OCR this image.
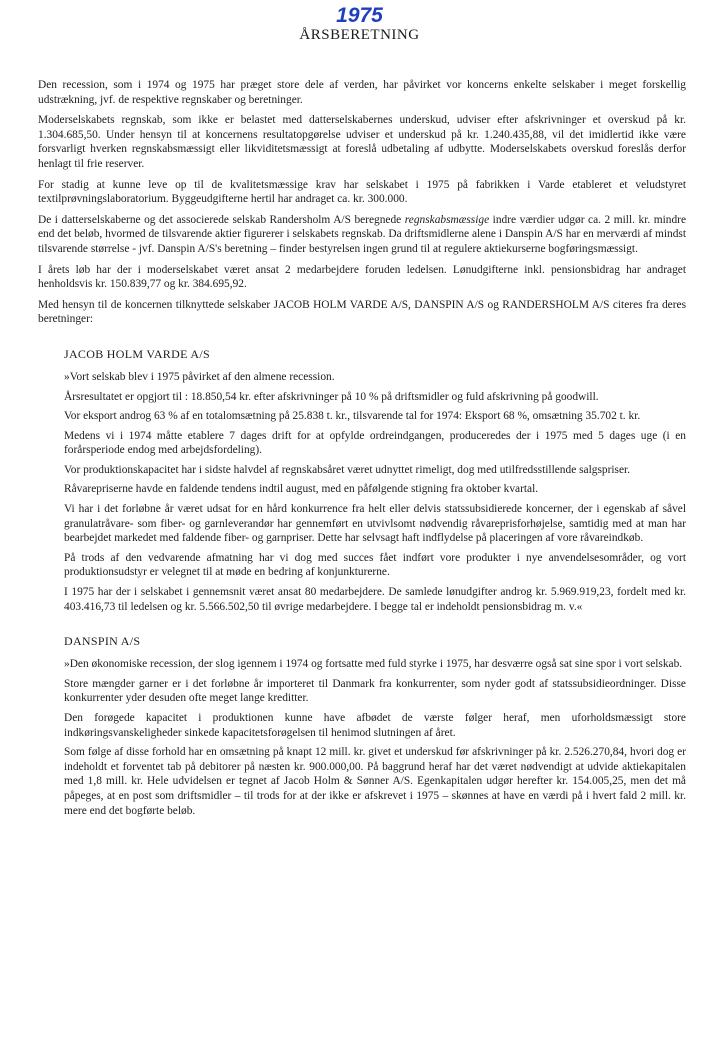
1975
ÅRSBERETNING

Den recession, som i 1974 og 1975 har præget store dele af verden, har påvirket vor koncerns enkelte selskaber i meget forskellig udstrækning, jvf. de respektive regnskaber og beretninger.

Moderselskabets regnskab, som ikke er belastet med datterselskabernes underskud, udviser efter afskrivninger et overskud på kr. 1.304.685,50. Under hensyn til at koncernens resultatopgørelse udviser et underskud på kr. 1.240.435,88, vil det imidlertid ikke være forsvarligt hverken regnskabsmæssigt eller likviditetsmæssigt at foreslå udbetaling af udbytte. Moderselskabets overskud foreslås derfor henlagt til frie reserver.

For stadig at kunne leve op til de kvalitetsmæssige krav har selskabet i 1975 på fabrikken i Varde etableret et veludstyret textilprøvningslaboratorium. Byggeudgifterne hertil har andraget ca. kr. 300.000.

De i datterselskaberne og det associerede selskab Randersholm A/S beregnede regnskabsmæssige indre værdier udgør ca. 2 mill. kr. mindre end det beløb, hvormed de tilsvarende aktier figurerer i selskabets regnskab. Da driftsmidlerne alene i Danspin A/S har en merværdi af mindst tilsvarende størrelse - jvf. Danspin A/S's beretning – finder bestyrelsen ingen grund til at regulere aktiekurserne bogføringsmæssigt.

I årets løb har der i moderselskabet været ansat 2 medarbejdere foruden ledelsen. Lønudgifterne inkl. pensionsbidrag har andraget henholdsvis kr. 150.839,77 og kr. 384.695,92.

Med hensyn til de koncernen tilknyttede selskaber JACOB HOLM VARDE A/S, DANSPIN A/S og RANDERSHOLM A/S citeres fra deres beretninger:

JACOB HOLM VARDE A/S

»Vort selskab blev i 1975 påvirket af den almene recession.

Årsresultatet er opgjort til : 18.850,54 kr. efter afskrivninger på 10 % på driftsmidler og fuld afskrivning på goodwill.

Vor eksport androg 63 % af en totalomsætning på 25.838 t. kr., tilsvarende tal for 1974: Eksport 68 %, omsætning 35.702 t. kr.

Medens vi i 1974 måtte etablere 7 dages drift for at opfylde ordreindgangen, produceredes der i 1975 med 5 dages uge (i en forårsperiode endog med arbejdsfordeling).

Vor produktionskapacitet har i sidste halvdel af regnskabsåret været udnyttet rimeligt, dog med utilfredsstillende salgspriser.

Råvarepriserne havde en faldende tendens indtil august, med en påfølgende stigning fra oktober kvartal.

Vi har i det forløbne år været udsat for en hård konkurrence fra helt eller delvis statssubsidierede koncerner, der i egenskab af såvel granulatråvare- som fiber- og garnleverandør har gennemført en utvivlsomt nødvendig råvareprisforhøjelse, samtidig med at man har bearbejdet markedet med faldende fiber- og garnpriser. Dette har selvsagt haft indflydelse på placeringen af vore råvareindkøb.

På trods af den vedvarende afmatning har vi dog med succes fået indført vore produkter i nye anvendelsesområder, og vort produktionsudstyr er velegnet til at møde en bedring af konjunkturerne.

I 1975 har der i selskabet i gennemsnit været ansat 80 medarbejdere. De samlede lønudgifter androg kr. 5.969.919,23, fordelt med kr. 403.416,73 til ledelsen og kr. 5.566.502,50 til øvrige medarbejdere. I begge tal er indeholdt pensionsbidrag m. v.«

DANSPIN A/S

»Den økonomiske recession, der slog igennem i 1974 og fortsatte med fuld styrke i 1975, har desværre også sat sine spor i vort selskab.

Store mængder garner er i det forløbne år importeret til Danmark fra konkurrenter, som nyder godt af statssubsidieordninger. Disse konkurrenter yder desuden ofte meget lange kreditter.

Den forøgede kapacitet i produktionen kunne have afbødet de værste følger heraf, men uforholdsmæssigt store indkøringsvanskeligheder sinkede kapacitetsforøgelsen til henimod slutningen af året.

Som følge af disse forhold har en omsætning på knapt 12 mill. kr. givet et underskud før afskrivninger på kr. 2.526.270,84, hvori dog er indeholdt et forventet tab på debitorer på næsten kr. 900.000,00. På baggrund heraf har det været nødvendigt at udvide aktiekapitalen med 1,8 mill. kr. Hele udvidelsen er tegnet af Jacob Holm & Sønner A/S. Egenkapitalen udgør herefter kr. 154.005,25, men det må påpeges, at en post som driftsmidler – til trods for at der ikke er afskrevet i 1975 – skønnes at have en værdi på i hvert fald 2 mill. kr. mere end det bogførte beløb.
